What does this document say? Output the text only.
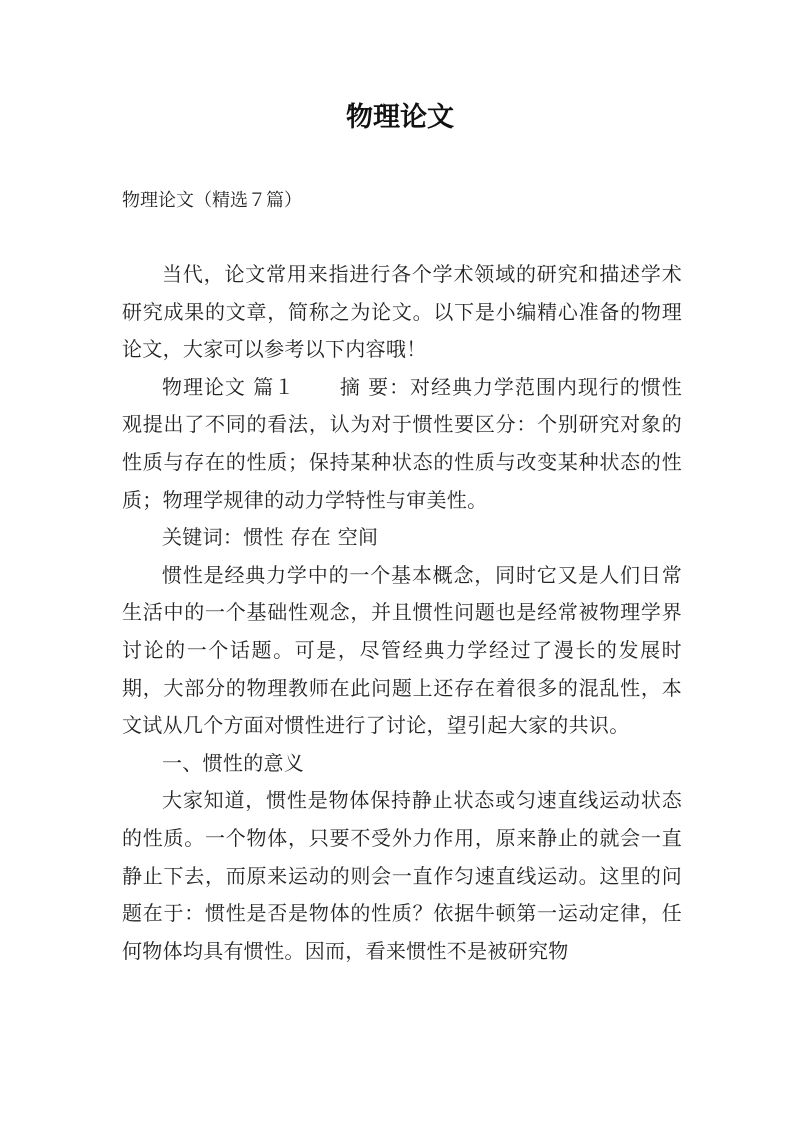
物理论文

物理论文（精选７篇）

当代，论文常用来指进行各个学术领域的研究和描述学术研究成果的文章，简称之为论文。以下是小编精心准备的物理论文，大家可以参考以下内容哦！

物理论文 篇１ 摘 要：对经典力学范围内现行的惯性观提出了不同的看法，认为对于惯性要区分：个别研究对象的性质与存在的性质；保持某种状态的性质与改变某种状态的性质；物理学规律的动力学特性与审美性。

关键词：惯性 存在 空间

惯性是经典力学中的一个基本概念，同时它又是人们日常生活中的一个基础性观念，并且惯性问题也是经常被物理学界讨论的一个话题。可是，尽管经典力学经过了漫长的发展时期，大部分的物理教师在此问题上还存在着很多的混乱性，本文试从几个方面对惯性进行了讨论，望引起大家的共识。

一、惯性的意义

大家知道，惯性是物体保持静止状态或匀速直线运动状态的性质。一个物体，只要不受外力作用，原来静止的就会一直静止下去，而原来运动的则会一直作匀速直线运动。这里的问题在于：惯性是否是物体的性质？依据牛顿第一运动定律，任何物体均具有惯性。因而，看来惯性不是被研究物
